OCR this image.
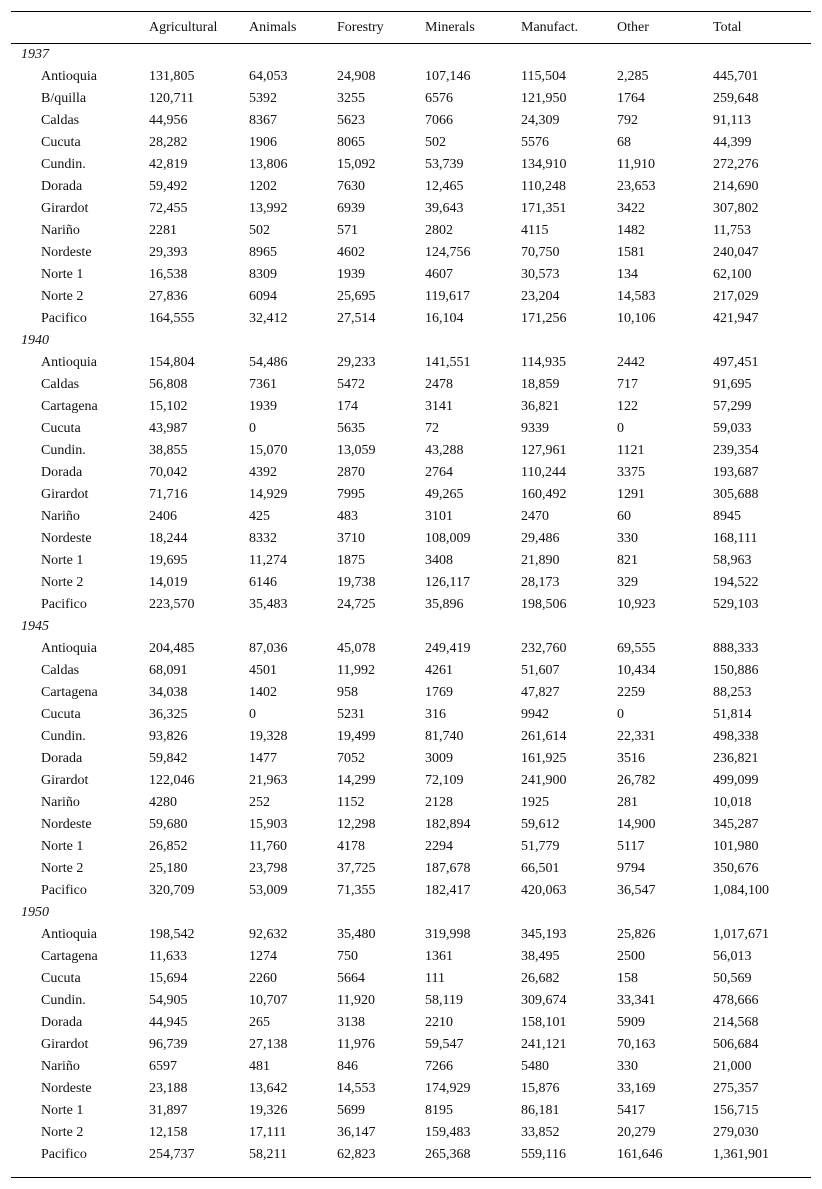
	Agricultural	Animals	Forestry	Minerals	Manufact.	Other	Total
1937							
Antioquia	131,805	64,053	24,908	107,146	115,504	2,285	445,701
B/quilla	120,711	5392	3255	6576	121,950	1764	259,648
Caldas	44,956	8367	5623	7066	24,309	792	91,113
Cucuta	28,282	1906	8065	502	5576	68	44,399
Cundin.	42,819	13,806	15,092	53,739	134,910	11,910	272,276
Dorada	59,492	1202	7630	12,465	110,248	23,653	214,690
Girardot	72,455	13,992	6939	39,643	171,351	3422	307,802
Nariño	2281	502	571	2802	4115	1482	11,753
Nordeste	29,393	8965	4602	124,756	70,750	1581	240,047
Norte 1	16,538	8309	1939	4607	30,573	134	62,100
Norte 2	27,836	6094	25,695	119,617	23,204	14,583	217,029
Pacifico	164,555	32,412	27,514	16,104	171,256	10,106	421,947
1940							
Antioquia	154,804	54,486	29,233	141,551	114,935	2442	497,451
Caldas	56,808	7361	5472	2478	18,859	717	91,695
Cartagena	15,102	1939	174	3141	36,821	122	57,299
Cucuta	43,987	0	5635	72	9339	0	59,033
Cundin.	38,855	15,070	13,059	43,288	127,961	1121	239,354
Dorada	70,042	4392	2870	2764	110,244	3375	193,687
Girardot	71,716	14,929	7995	49,265	160,492	1291	305,688
Nariño	2406	425	483	3101	2470	60	8945
Nordeste	18,244	8332	3710	108,009	29,486	330	168,111
Norte 1	19,695	11,274	1875	3408	21,890	821	58,963
Norte 2	14,019	6146	19,738	126,117	28,173	329	194,522
Pacifico	223,570	35,483	24,725	35,896	198,506	10,923	529,103
1945							
Antioquia	204,485	87,036	45,078	249,419	232,760	69,555	888,333
Caldas	68,091	4501	11,992	4261	51,607	10,434	150,886
Cartagena	34,038	1402	958	1769	47,827	2259	88,253
Cucuta	36,325	0	5231	316	9942	0	51,814
Cundin.	93,826	19,328	19,499	81,740	261,614	22,331	498,338
Dorada	59,842	1477	7052	3009	161,925	3516	236,821
Girardot	122,046	21,963	14,299	72,109	241,900	26,782	499,099
Nariño	4280	252	1152	2128	1925	281	10,018
Nordeste	59,680	15,903	12,298	182,894	59,612	14,900	345,287
Norte 1	26,852	11,760	4178	2294	51,779	5117	101,980
Norte 2	25,180	23,798	37,725	187,678	66,501	9794	350,676
Pacifico	320,709	53,009	71,355	182,417	420,063	36,547	1,084,100
1950							
Antioquia	198,542	92,632	35,480	319,998	345,193	25,826	1,017,671
Cartagena	11,633	1274	750	1361	38,495	2500	56,013
Cucuta	15,694	2260	5664	111	26,682	158	50,569
Cundin.	54,905	10,707	11,920	58,119	309,674	33,341	478,666
Dorada	44,945	265	3138	2210	158,101	5909	214,568
Girardot	96,739	27,138	11,976	59,547	241,121	70,163	506,684
Nariño	6597	481	846	7266	5480	330	21,000
Nordeste	23,188	13,642	14,553	174,929	15,876	33,169	275,357
Norte 1	31,897	19,326	5699	8195	86,181	5417	156,715
Norte 2	12,158	17,111	36,147	159,483	33,852	20,279	279,030
Pacifico	254,737	58,211	62,823	265,368	559,116	161,646	1,361,901
